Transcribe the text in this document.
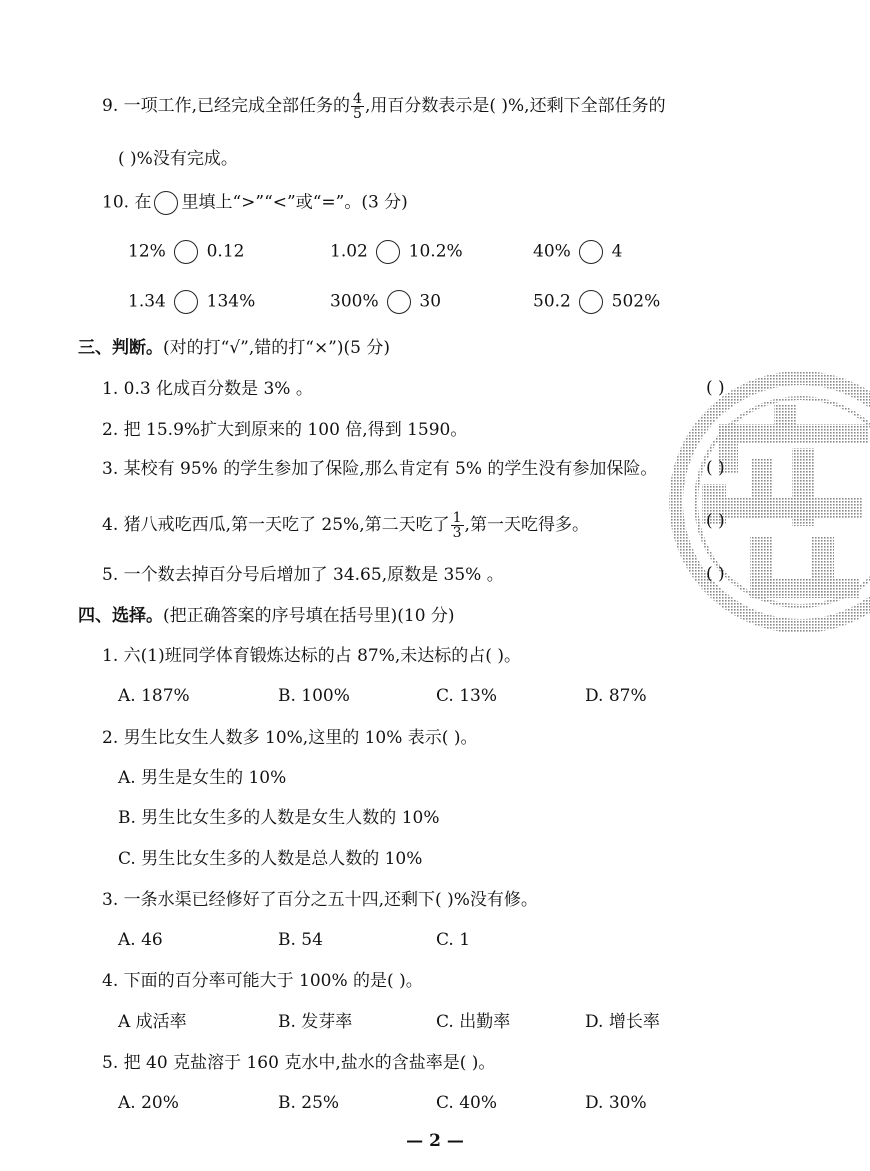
9. 一项工作,已经完成全部任务的 $\frac{4}{5}$ ,用百分数表示是( )%,还剩下全部任务的
( )%没有完成。
10. 在 里填上“>”“<”或“=”。(3 分)
12% 0.12	1.02 10.2%	40% 4
1.34 134%	300% 30	50.2 502%
三、判断。(对的打“√”,错的打“×”)(5 分)
1. 0.3 化成百分数是 3% 。	( )
2. 把 15.9%扩大到原来的 100 倍,得到 1590。
3. 某校有 95% 的学生参加了保险,那么肯定有 5% 的学生没有参加保险。	( )
4. 猪八戒吃西瓜,第一天吃了 25%,第二天吃了 $\frac{1}{3}$ ,第一天吃得多。	( )
5. 一个数去掉百分号后增加了 34.65,原数是 35% 。	( )
四、选择。(把正确答案的序号填在括号里)(10 分)
1. 六(1)班同学体育锻炼达标的占 87%,未达标的占( )。
A. 187%	B. 100%	C. 13%	D. 87%
2. 男生比女生人数多 10%,这里的 10% 表示( )。
A. 男生是女生的 10%
B. 男生比女生多的人数是女生人数的 10%
C. 男生比女生多的人数是总人数的 10%
3. 一条水渠已经修好了百分之五十四,还剩下( )%没有修。
A. 46	B. 54	C. 1
4. 下面的百分率可能大于 100% 的是( )。
A 成活率	B. 发芽率	C. 出勤率	D. 增长率
5. 把 40 克盐溶于 160 克水中,盐水的含盐率是( )。
A. 20%	B. 25%	C. 40%	D. 30%
— 2 —
